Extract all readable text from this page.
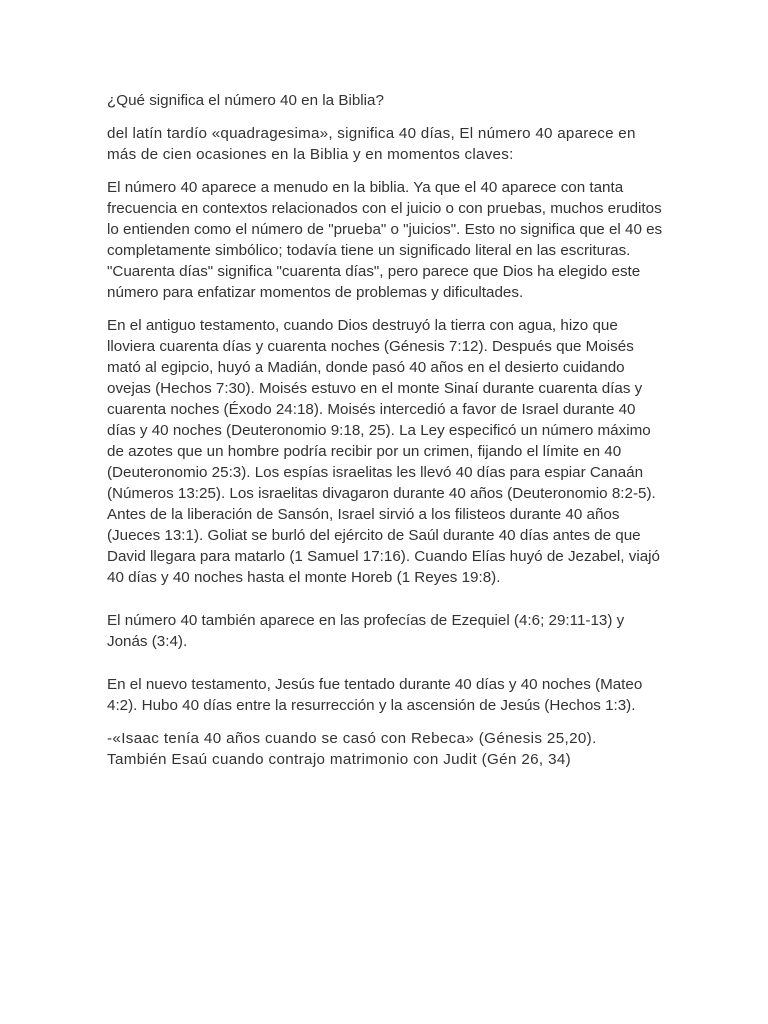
¿Qué significa el número 40 en la Biblia?

del latín tardío «quadragesima», significa 40 días, El número 40 aparece en
más de cien ocasiones en la Biblia y en momentos claves:

El número 40 aparece a menudo en la biblia. Ya que el 40 aparece con tanta
frecuencia en contextos relacionados con el juicio o con pruebas, muchos eruditos
lo entienden como el número de "prueba" o "juicios". Esto no significa que el 40 es
completamente simbólico; todavía tiene un significado literal en las escrituras.
"Cuarenta días" significa "cuarenta días", pero parece que Dios ha elegido este
número para enfatizar momentos de problemas y dificultades.

En el antiguo testamento, cuando Dios destruyó la tierra con agua, hizo que
lloviera cuarenta días y cuarenta noches (Génesis 7:12). Después que Moisés
mató al egipcio, huyó a Madián, donde pasó 40 años en el desierto cuidando
ovejas (Hechos 7:30). Moisés estuvo en el monte Sinaí durante cuarenta días y
cuarenta noches (Éxodo 24:18). Moisés intercedió a favor de Israel durante 40
días y 40 noches (Deuteronomio 9:18, 25). La Ley especificó un número máximo
de azotes que un hombre podría recibir por un crimen, fijando el límite en 40
(Deuteronomio 25:3). Los espías israelitas les llevó 40 días para espiar Canaán
(Números 13:25). Los israelitas divagaron durante 40 años (Deuteronomio 8:2-5).
Antes de la liberación de Sansón, Israel sirvió a los filisteos durante 40 años
(Jueces 13:1). Goliat se burló del ejército de Saúl durante 40 días antes de que
David llegara para matarlo (1 Samuel 17:16). Cuando Elías huyó de Jezabel, viajó
40 días y 40 noches hasta el monte Horeb (1 Reyes 19:8).

El número 40 también aparece en las profecías de Ezequiel (4:6; 29:11-13) y
Jonás (3:4).

En el nuevo testamento, Jesús fue tentado durante 40 días y 40 noches (Mateo
4:2). Hubo 40 días entre la resurrección y la ascensión de Jesús (Hechos 1:3).

-«Isaac tenía 40 años cuando se casó con Rebeca» (Génesis 25,20).
También Esaú cuando contrajo matrimonio con Judit (Gén 26, 34)
